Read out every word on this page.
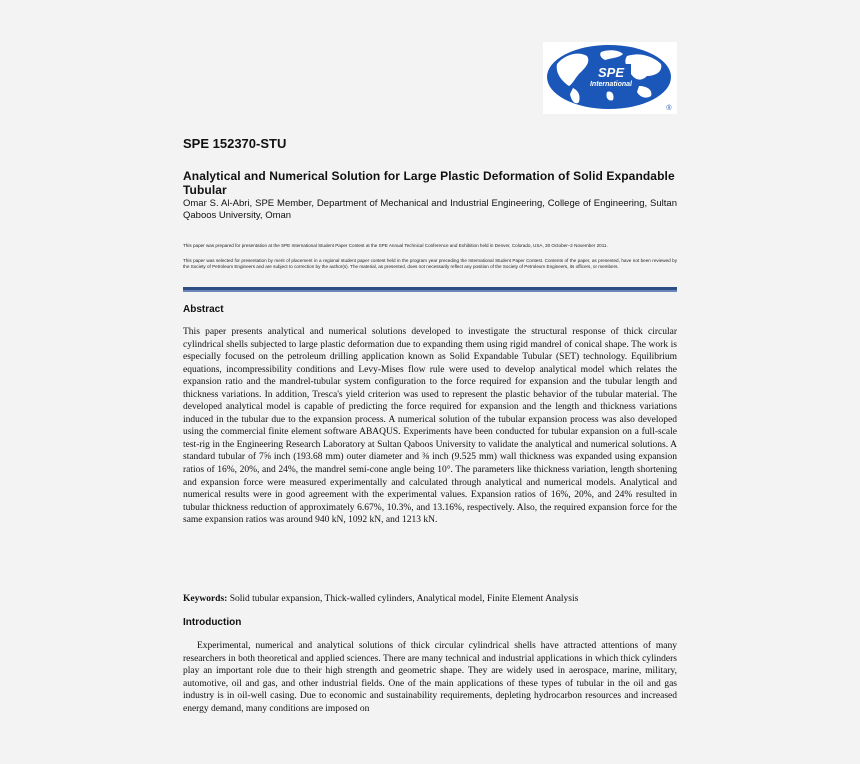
SPE
International
®
SPE 152370-STU
Analytical and Numerical Solution for Large Plastic Deformation of Solid Expandable Tubular
Omar S. Al-Abri, SPE Member, Department of Mechanical and Industrial Engineering, College of Engineering, Sultan Qaboos University, Oman
This paper was prepared for presentation at the SPE International Student Paper Contest at the SPE Annual Technical Conference and Exhibition held in Denver, Colorado, USA, 30 October–2 November 2011.
This paper was selected for presentation by merit of placement in a regional student paper contest held in the program year preceding the International Student Paper Contest. Contents of the paper, as presented, have not been reviewed by the Society of Petroleum Engineers and are subject to correction by the author(s). The material, as presented, does not necessarily reflect any position of the Society of Petroleum Engineers, its officers, or members.
Abstract
This paper presents analytical and numerical solutions developed to investigate the structural response of thick circular cylindrical shells subjected to large plastic deformation due to expanding them using rigid mandrel of conical shape. The work is especially focused on the petroleum drilling application known as Solid Expandable Tubular (SET) technology. Equilibrium equations, incompressibility conditions and Levy-Mises flow rule were used to develop analytical model which relates the expansion ratio and the mandrel-tubular system configuration to the force required for expansion and the tubular length and thickness variations. In addition, Tresca's yield criterion was used to represent the plastic behavior of the tubular material. The developed analytical model is capable of predicting the force required for expansion and the length and thickness variations induced in the tubular due to the expansion process. A numerical solution of the tubular expansion process was also developed using the commercial finite element software ABAQUS. Experiments have been conducted for tubular expansion on a full-scale test-rig in the Engineering Research Laboratory at Sultan Qaboos University to validate the analytical and numerical solutions. A standard tubular of 7⅝ inch (193.68 mm) outer diameter and ⅜ inch (9.525 mm) wall thickness was expanded using expansion ratios of 16%, 20%, and 24%, the mandrel semi-cone angle being 10°. The parameters like thickness variation, length shortening and expansion force were measured experimentally and calculated through analytical and numerical models. Analytical and numerical results were in good agreement with the experimental values. Expansion ratios of 16%, 20%, and 24% resulted in tubular thickness reduction of approximately 6.67%, 10.3%, and 13.16%, respectively. Also, the required expansion force for the same expansion ratios was around 940 kN, 1092 kN, and 1213 kN.
Keywords: Solid tubular expansion, Thick-walled cylinders, Analytical model, Finite Element Analysis
Introduction
Experimental, numerical and analytical solutions of thick circular cylindrical shells have attracted attentions of many researchers in both theoretical and applied sciences. There are many technical and industrial applications in which thick cylinders play an important role due to their high strength and geometric shape. They are widely used in aerospace, marine, military, automotive, oil and gas, and other industrial fields. One of the main applications of these types of tubular in the oil and gas industry is in oil-well casing. Due to economic and sustainability requirements, depleting hydrocarbon resources and increased energy demand, many conditions are imposed on
